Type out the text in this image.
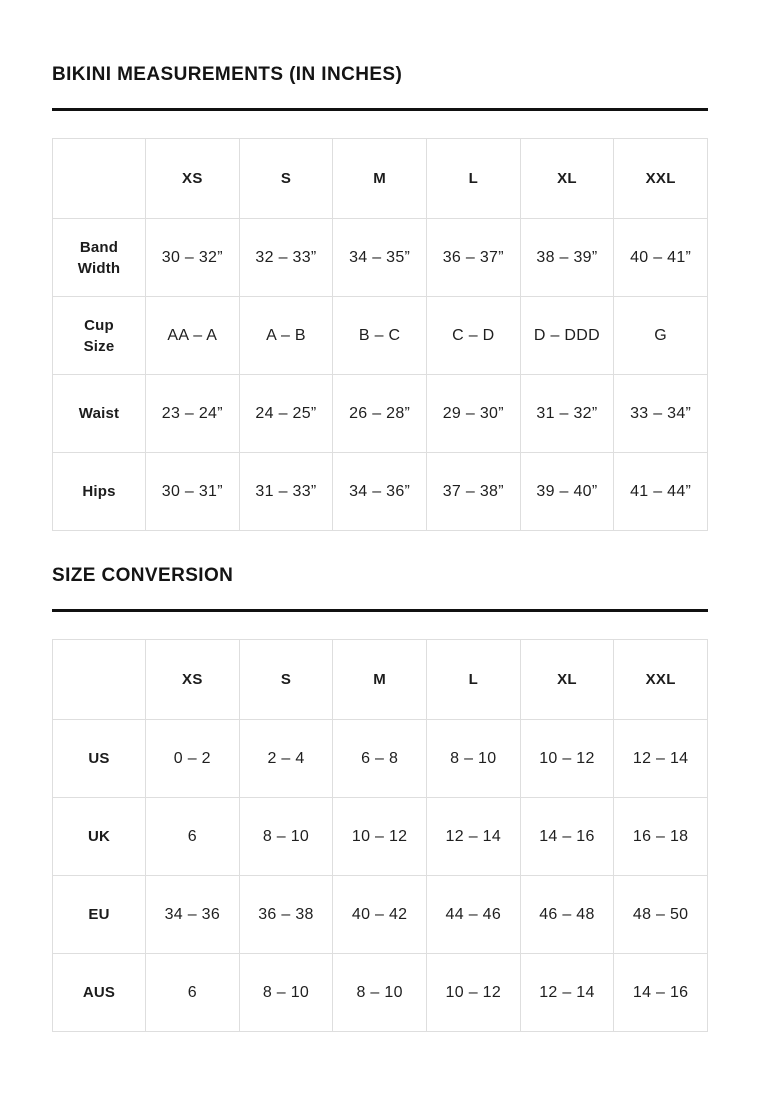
BIKINI MEASUREMENTS (IN INCHES)
	XS	S	M	L	XL	XXL
Band Width	30 – 32”	32 – 33”	34 – 35”	36 – 37”	38 – 39”	40 – 41”
Cup Size	AA – A	A – B	B – C	C – D	D – DDD	G
Waist	23 – 24”	24 – 25”	26 – 28”	29 – 30”	31 – 32”	33 – 34”
Hips	30 – 31”	31 – 33”	34 – 36”	37 – 38”	39 – 40”	41 – 44”
SIZE CONVERSION
	XS	S	M	L	XL	XXL
US	0 – 2	2 – 4	6 – 8	8 – 10	10 – 12	12 – 14
UK	6	8 – 10	10 – 12	12 – 14	14 – 16	16 – 18
EU	34 – 36	36 – 38	40 – 42	44 – 46	46 – 48	48 – 50
AUS	6	8 – 10	8 – 10	10 – 12	12 – 14	14 – 16
